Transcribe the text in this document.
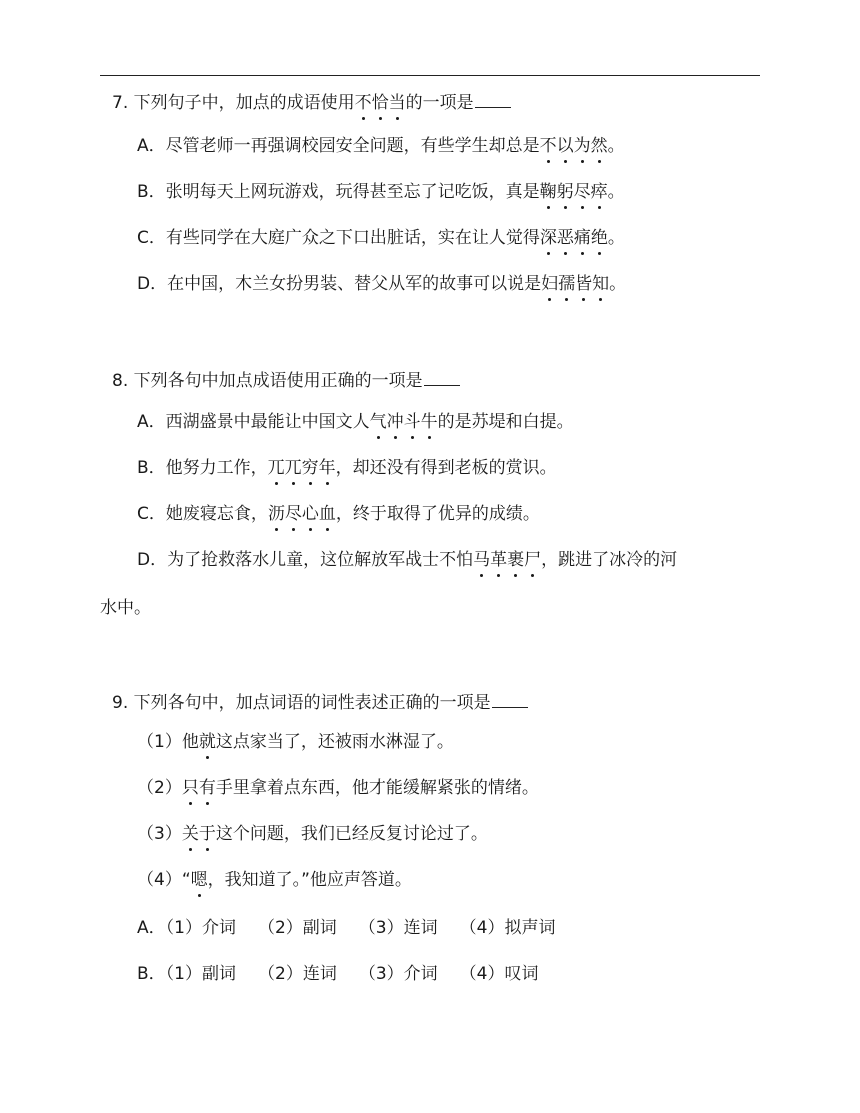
7. 下列句子中，加点的成语使用不恰当的一项是
A．尽管老师一再强调校园安全问题，有些学生却总是不以为然。
B．张明每天上网玩游戏，玩得甚至忘了记吃饭，真是鞠躬尽瘁。
C．有些同学在大庭广众之下口出脏话，实在让人觉得深恶痛绝。
D．在中国，木兰女扮男装、替父从军的故事可以说是妇孺皆知。
8. 下列各句中加点成语使用正确的一项是
A．西湖盛景中最能让中国文人气冲斗牛的是苏堤和白提。
B．他努力工作，兀兀穷年，却还没有得到老板的赏识。
C．她废寝忘食，沥尽心血，终于取得了优异的成绩。
D．为了抢救落水儿童，这位解放军战士不怕马革裹尸，跳进了冰冷的河
水中。
9. 下列各句中，加点词语的词性表述正确的一项是
（1）他就这点家当了，还被雨水淋湿了。
（2）只有手里拿着点东西，他才能缓解紧张的情绪。
（3）关于这个问题，我们已经反复讨论过了。
（4）“嗯，我知道了。”他应声答道。
A．（1）介词 （2）副词 （3）连词 （4）拟声词
B．（1）副词 （2）连词 （3）介词 （4）叹词
